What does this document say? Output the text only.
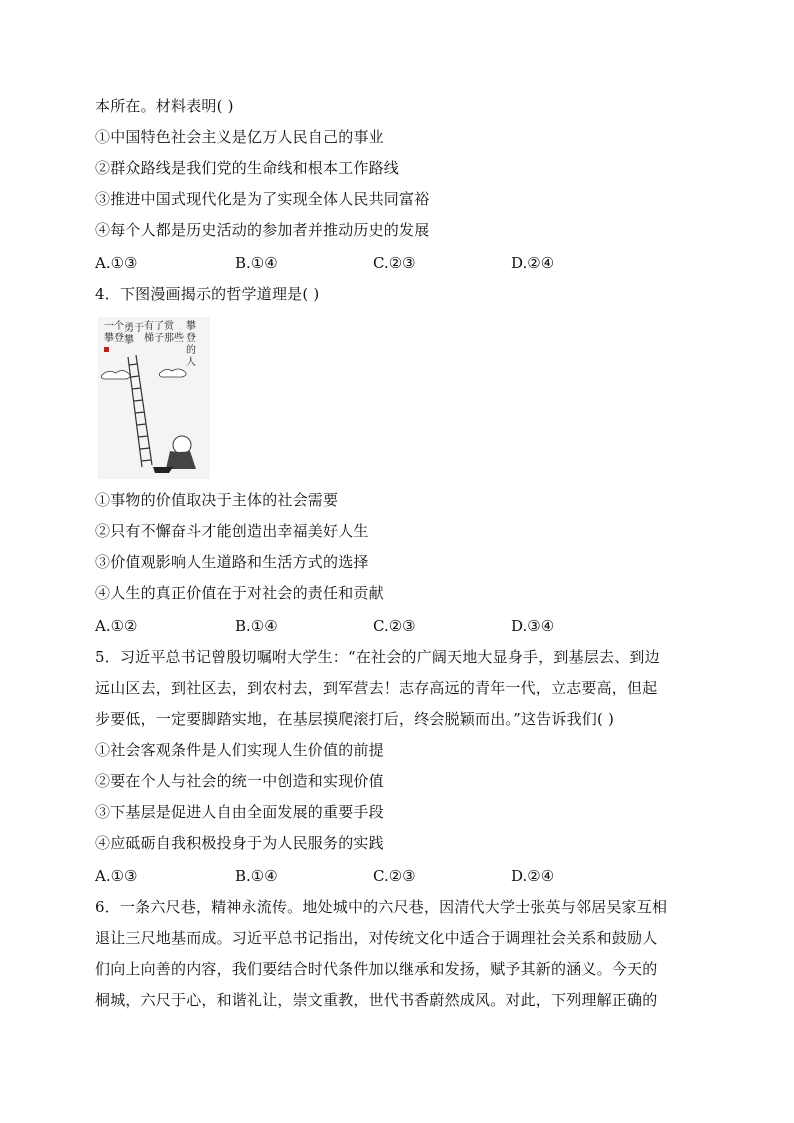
本所在。材料表明( )
①中国特色社会主义是亿万人民自己的事业
②群众路线是我们党的生命线和根本工作路线
③推进中国式现代化是为了实现全体人民共同富裕
④每个人都是历史活动的参加者并推动历史的发展
A.①③	B.①④	C.②③	D.②④
4．下图漫画揭示的哲学道理是( )
一个
攀登
勇于
攀
有了
梯子
赏
那些
攀
登
的
人
①事物的价值取决于主体的社会需要
②只有不懈奋斗才能创造出幸福美好人生
③价值观影响人生道路和生活方式的选择
④人生的真正价值在于对社会的责任和贡献
A.①②	B.①④	C.②③	D.③④
5．习近平总书记曾殷切嘱咐大学生：“在社会的广阔天地大显身手，到基层去、到边
远山区去，到社区去，到农村去，到军营去！志存高远的青年一代，立志要高，但起
步要低，一定要脚踏实地，在基层摸爬滚打后，终会脱颖而出。”这告诉我们( )
①社会客观条件是人们实现人生价值的前提
②要在个人与社会的统一中创造和实现价值
③下基层是促进人自由全面发展的重要手段
④应砥砺自我积极投身于为人民服务的实践
A.①③	B.①④	C.②③	D.②④
6．一条六尺巷，精神永流传。地处城中的六尺巷，因清代大学士张英与邻居吴家互相
退让三尺地基而成。习近平总书记指出，对传统文化中适合于调理社会关系和鼓励人
们向上向善的内容，我们要结合时代条件加以继承和发扬，赋予其新的涵义。今天的
桐城，六尺于心，和谐礼让，崇文重教，世代书香蔚然成风。对此，下列理解正确的
